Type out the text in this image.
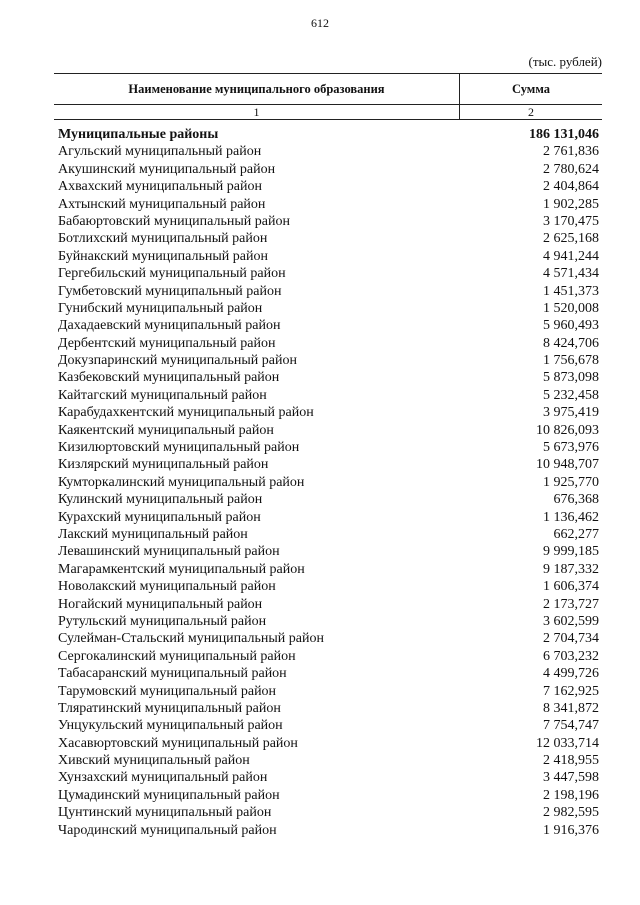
612
(тыс. рублей)
Наименование муниципального образования	Сумма
1	2
Муниципальные районы	186 131,046
Агульский муниципальный район	2 761,836
Акушинский муниципальный район	2 780,624
Ахвахский муниципальный район	2 404,864
Ахтынский муниципальный район	1 902,285
Бабаюртовский муниципальный район	3 170,475
Ботлихский муниципальный район	2 625,168
Буйнакский муниципальный район	4 941,244
Гергебильский муниципальный район	4 571,434
Гумбетовский муниципальный район	1 451,373
Гунибский муниципальный район	1 520,008
Дахадаевский муниципальный район	5 960,493
Дербентский муниципальный район	8 424,706
Докузпаринский муниципальный район	1 756,678
Казбековский муниципальный район	5 873,098
Кайтагский муниципальный район	5 232,458
Карабудахкентский муниципальный район	3 975,419
Каякентский муниципальный район	10 826,093
Кизилюртовский муниципальный район	5 673,976
Кизлярский муниципальный район	10 948,707
Кумторкалинский муниципальный район	1 925,770
Кулинский муниципальный район	676,368
Курахский муниципальный район	1 136,462
Лакский муниципальный район	662,277
Левашинский муниципальный район	9 999,185
Магарамкентский муниципальный район	9 187,332
Новолакский муниципальный район	1 606,374
Ногайский муниципальный район	2 173,727
Рутульский муниципальный район	3 602,599
Сулейман-Стальский муниципальный район	2 704,734
Сергокалинский муниципальный район	6 703,232
Табасаранский муниципальный район	4 499,726
Тарумовский муниципальный район	7 162,925
Тляратинский муниципальный район	8 341,872
Унцукульский муниципальный район	7 754,747
Хасавюртовский муниципальный район	12 033,714
Хивский муниципальный район	2 418,955
Хунзахский муниципальный район	3 447,598
Цумадинский муниципальный район	2 198,196
Цунтинский муниципальный район	2 982,595
Чародинский муниципальный район	1 916,376
